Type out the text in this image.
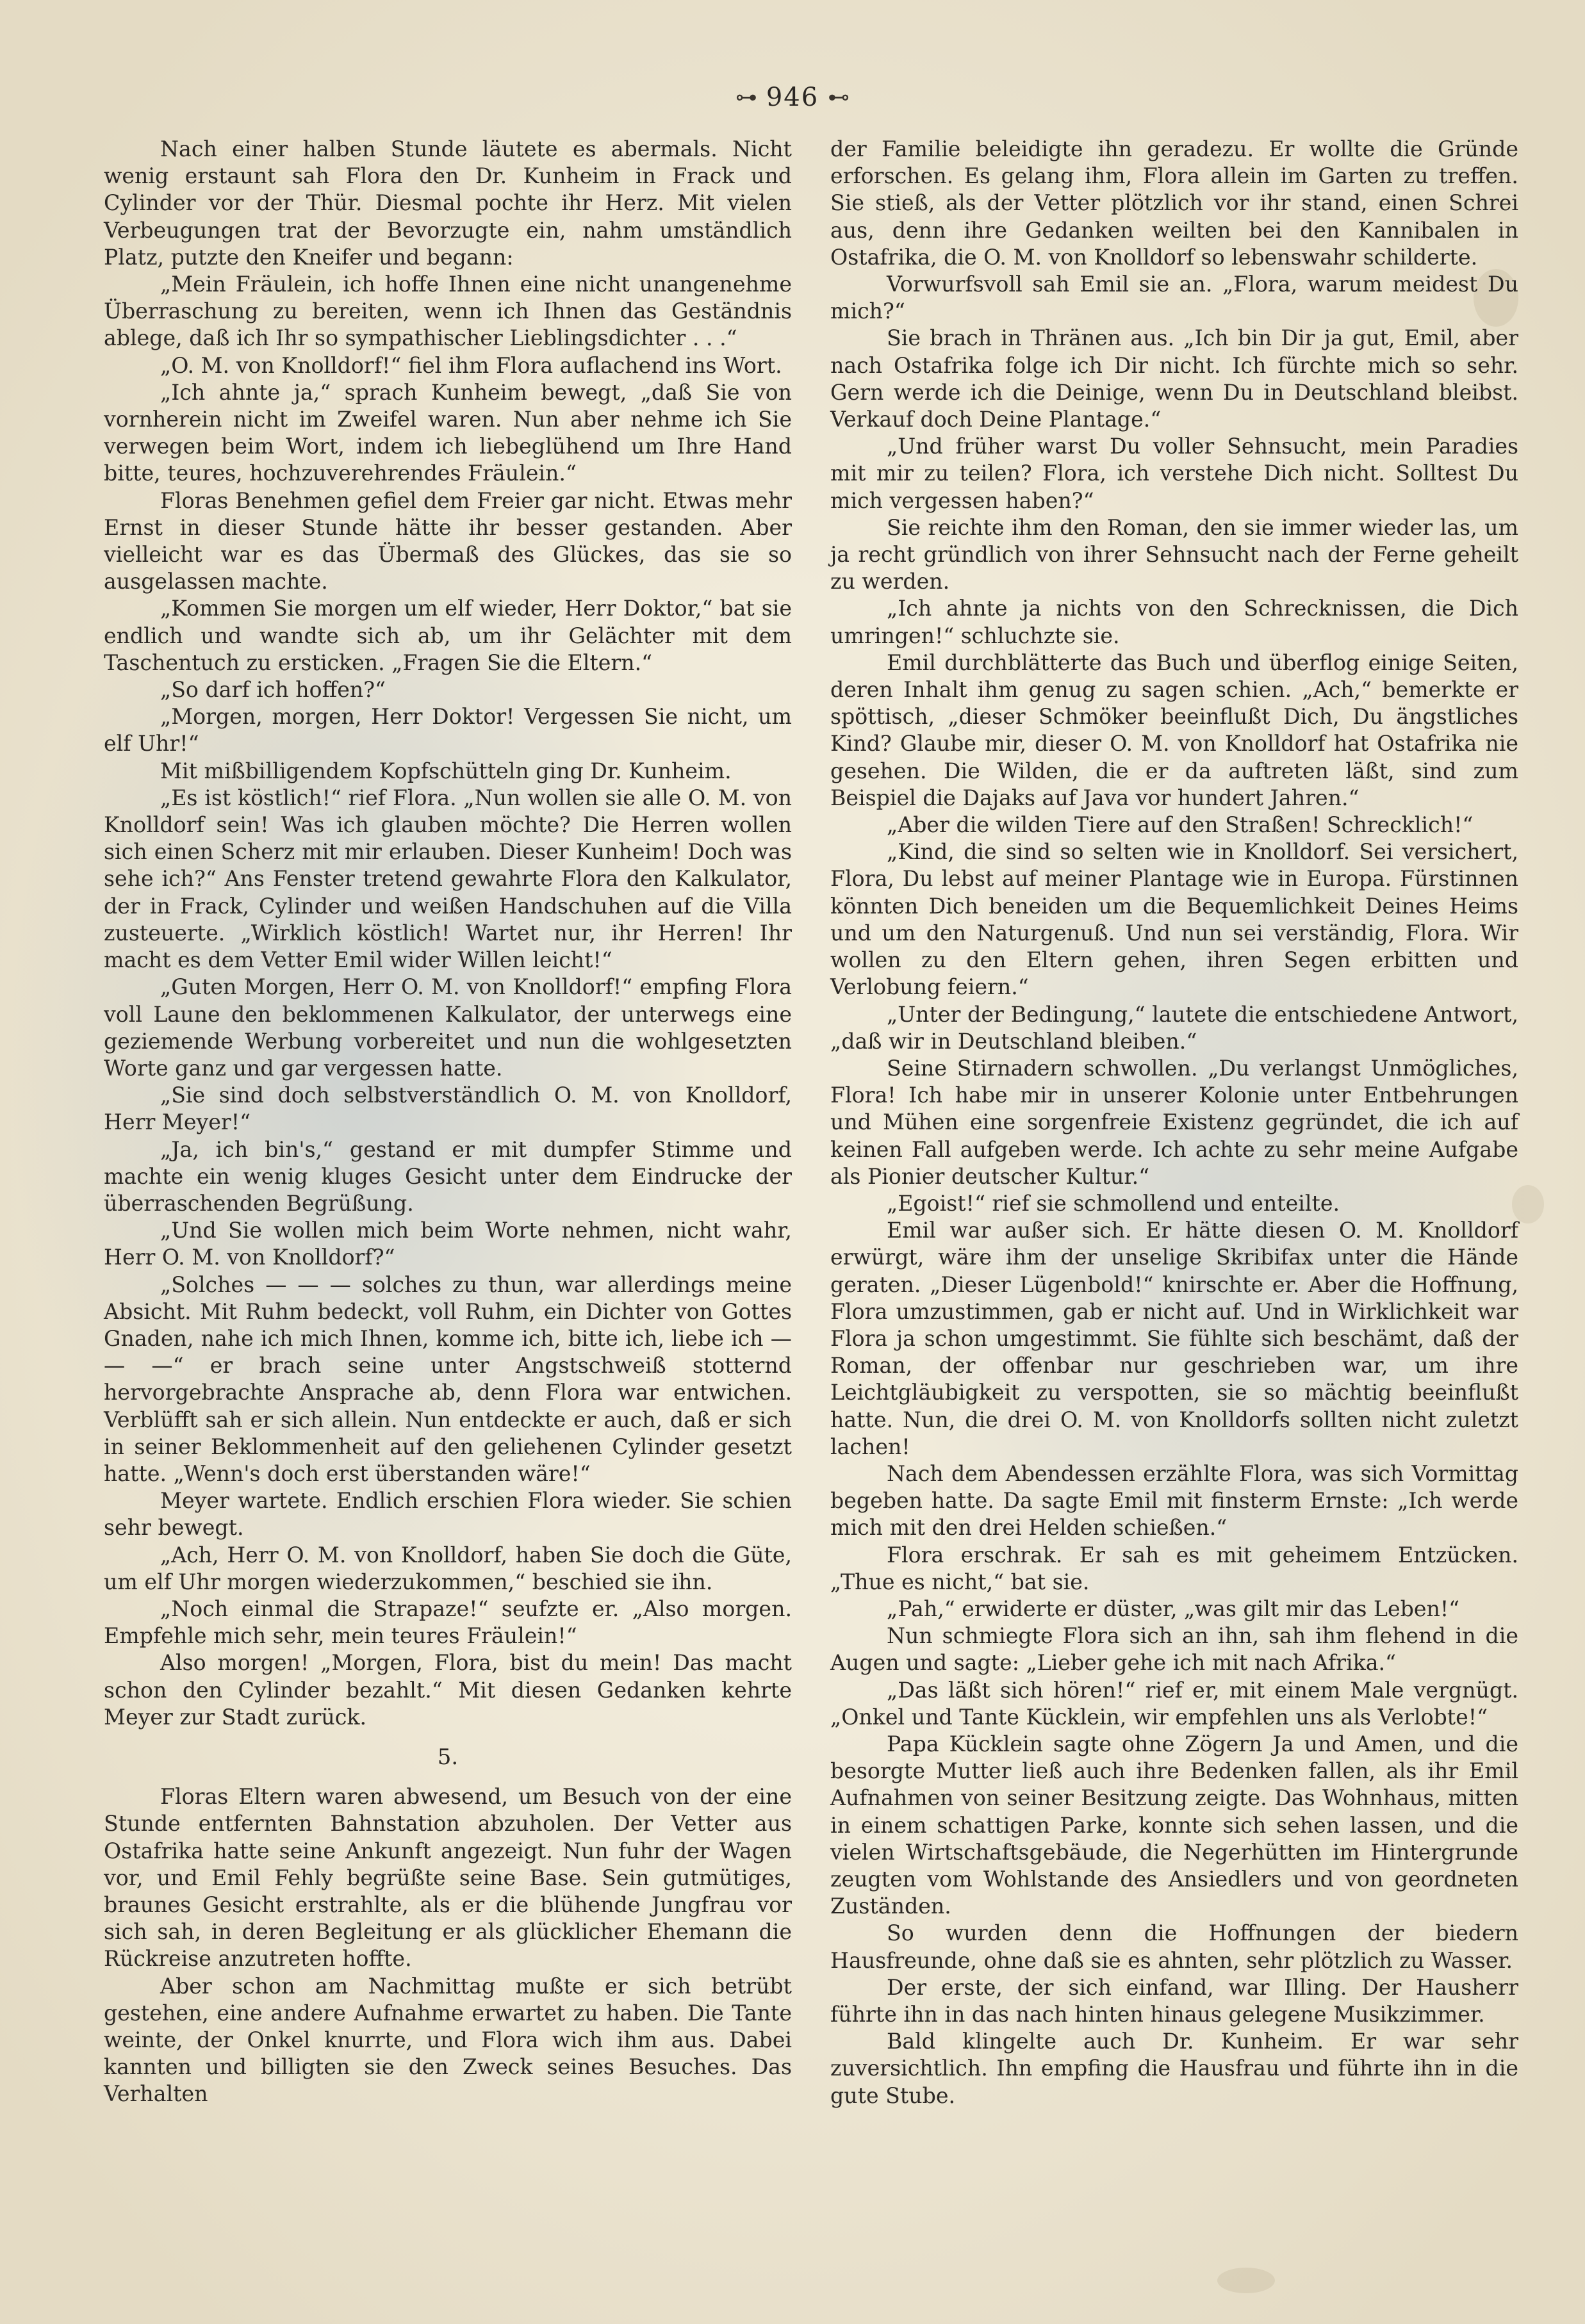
⊶ 946 ⊷

Nach einer halben Stunde läutete es abermals. Nicht wenig erstaunt sah Flora den Dr. Kunheim in Frack und Cylinder vor der Thür. Diesmal pochte ihr Herz. Mit vielen Verbeugungen trat der Bevorzugte ein, nahm umständlich Platz, putzte den Kneifer und begann:

„Mein Fräulein, ich hoffe Ihnen eine nicht unangenehme Überraschung zu bereiten, wenn ich Ihnen das Geständnis ablege, daß ich Ihr so sympathischer Lieblingsdichter . . .“

„O. M. von Knolldorf!“ fiel ihm Flora auflachend ins Wort.

„Ich ahnte ja,“ sprach Kunheim bewegt, „daß Sie von vornherein nicht im Zweifel waren. Nun aber nehme ich Sie verwegen beim Wort, indem ich liebeglühend um Ihre Hand bitte, teures, hochzuverehrendes Fräulein.“

Floras Benehmen gefiel dem Freier gar nicht. Etwas mehr Ernst in dieser Stunde hätte ihr besser gestanden. Aber vielleicht war es das Übermaß des Glückes, das sie so ausgelassen machte.

„Kommen Sie morgen um elf wieder, Herr Doktor,“ bat sie endlich und wandte sich ab, um ihr Gelächter mit dem Taschentuch zu ersticken. „Fragen Sie die Eltern.“

„So darf ich hoffen?“

„Morgen, morgen, Herr Doktor! Vergessen Sie nicht, um elf Uhr!“

Mit mißbilligendem Kopfschütteln ging Dr. Kunheim.

„Es ist köstlich!“ rief Flora. „Nun wollen sie alle O. M. von Knolldorf sein! Was ich glauben möchte? Die Herren wollen sich einen Scherz mit mir erlauben. Dieser Kunheim! Doch was sehe ich?“ Ans Fenster tretend gewahrte Flora den Kalkulator, der in Frack, Cylinder und weißen Handschuhen auf die Villa zusteuerte. „Wirklich köstlich! Wartet nur, ihr Herren! Ihr macht es dem Vetter Emil wider Willen leicht!“

„Guten Morgen, Herr O. M. von Knolldorf!“ empfing Flora voll Laune den beklommenen Kalkulator, der unterwegs eine geziemende Werbung vorbereitet und nun die wohlgesetzten Worte ganz und gar vergessen hatte.

„Sie sind doch selbstverständlich O. M. von Knolldorf, Herr Meyer!“

„Ja, ich bin's,“ gestand er mit dumpfer Stimme und machte ein wenig kluges Gesicht unter dem Eindrucke der überraschenden Begrüßung.

„Und Sie wollen mich beim Worte nehmen, nicht wahr, Herr O. M. von Knolldorf?“

„Solches — — — solches zu thun, war allerdings meine Absicht. Mit Ruhm bedeckt, voll Ruhm, ein Dichter von Gottes Gnaden, nahe ich mich Ihnen, komme ich, bitte ich, liebe ich — — —“ er brach seine unter Angstschweiß stotternd hervorgebrachte Ansprache ab, denn Flora war entwichen. Verblüfft sah er sich allein. Nun entdeckte er auch, daß er sich in seiner Beklommenheit auf den geliehenen Cylinder gesetzt hatte. „Wenn's doch erst überstanden wäre!“

Meyer wartete. Endlich erschien Flora wieder. Sie schien sehr bewegt.

„Ach, Herr O. M. von Knolldorf, haben Sie doch die Güte, um elf Uhr morgen wiederzukommen,“ beschied sie ihn.

„Noch einmal die Strapaze!“ seufzte er. „Also morgen. Empfehle mich sehr, mein teures Fräulein!“

Also morgen! „Morgen, Flora, bist du mein! Das macht schon den Cylinder bezahlt.“ Mit diesen Gedanken kehrte Meyer zur Stadt zurück.

5.

Floras Eltern waren abwesend, um Besuch von der eine Stunde entfernten Bahnstation abzuholen. Der Vetter aus Ostafrika hatte seine Ankunft angezeigt. Nun fuhr der Wagen vor, und Emil Fehly begrüßte seine Base. Sein gutmütiges, braunes Gesicht erstrahlte, als er die blühende Jungfrau vor sich sah, in deren Begleitung er als glücklicher Ehemann die Rückreise anzutreten hoffte.

Aber schon am Nachmittag mußte er sich betrübt gestehen, eine andere Aufnahme erwartet zu haben. Die Tante weinte, der Onkel knurrte, und Flora wich ihm aus. Dabei kannten und billigten sie den Zweck seines Besuches. Das Verhalten

der Familie beleidigte ihn geradezu. Er wollte die Gründe erforschen. Es gelang ihm, Flora allein im Garten zu treffen. Sie stieß, als der Vetter plötzlich vor ihr stand, einen Schrei aus, denn ihre Gedanken weilten bei den Kannibalen in Ostafrika, die O. M. von Knolldorf so lebenswahr schilderte.

Vorwurfsvoll sah Emil sie an. „Flora, warum meidest Du mich?“

Sie brach in Thränen aus. „Ich bin Dir ja gut, Emil, aber nach Ostafrika folge ich Dir nicht. Ich fürchte mich so sehr. Gern werde ich die Deinige, wenn Du in Deutschland bleibst. Verkauf doch Deine Plantage.“

„Und früher warst Du voller Sehnsucht, mein Paradies mit mir zu teilen? Flora, ich verstehe Dich nicht. Solltest Du mich vergessen haben?“

Sie reichte ihm den Roman, den sie immer wieder las, um ja recht gründlich von ihrer Sehnsucht nach der Ferne geheilt zu werden.

„Ich ahnte ja nichts von den Schrecknissen, die Dich umringen!“ schluchzte sie.

Emil durchblätterte das Buch und überflog einige Seiten, deren Inhalt ihm genug zu sagen schien. „Ach,“ bemerkte er spöttisch, „dieser Schmöker beeinflußt Dich, Du ängstliches Kind? Glaube mir, dieser O. M. von Knolldorf hat Ostafrika nie gesehen. Die Wilden, die er da auftreten läßt, sind zum Beispiel die Dajaks auf Java vor hundert Jahren.“

„Aber die wilden Tiere auf den Straßen! Schrecklich!“

„Kind, die sind so selten wie in Knolldorf. Sei versichert, Flora, Du lebst auf meiner Plantage wie in Europa. Fürstinnen könnten Dich beneiden um die Bequemlichkeit Deines Heims und um den Naturgenuß. Und nun sei verständig, Flora. Wir wollen zu den Eltern gehen, ihren Segen erbitten und Verlobung feiern.“

„Unter der Bedingung,“ lautete die entschiedene Antwort, „daß wir in Deutschland bleiben.“

Seine Stirnadern schwollen. „Du verlangst Unmögliches, Flora! Ich habe mir in unserer Kolonie unter Entbehrungen und Mühen eine sorgenfreie Existenz gegründet, die ich auf keinen Fall aufgeben werde. Ich achte zu sehr meine Aufgabe als Pionier deutscher Kultur.“

„Egoist!“ rief sie schmollend und enteilte.

Emil war außer sich. Er hätte diesen O. M. Knolldorf erwürgt, wäre ihm der unselige Skribifax unter die Hände geraten. „Dieser Lügenbold!“ knirschte er. Aber die Hoffnung, Flora umzustimmen, gab er nicht auf. Und in Wirklichkeit war Flora ja schon umgestimmt. Sie fühlte sich beschämt, daß der Roman, der offenbar nur geschrieben war, um ihre Leichtgläubigkeit zu verspotten, sie so mächtig beeinflußt hatte. Nun, die drei O. M. von Knolldorfs sollten nicht zuletzt lachen!

Nach dem Abendessen erzählte Flora, was sich Vormittag begeben hatte. Da sagte Emil mit finsterm Ernste: „Ich werde mich mit den drei Helden schießen.“

Flora erschrak. Er sah es mit geheimem Entzücken. „Thue es nicht,“ bat sie.

„Pah,“ erwiderte er düster, „was gilt mir das Leben!“

Nun schmiegte Flora sich an ihn, sah ihm flehend in die Augen und sagte: „Lieber gehe ich mit nach Afrika.“

„Das läßt sich hören!“ rief er, mit einem Male vergnügt. „Onkel und Tante Kücklein, wir empfehlen uns als Verlobte!“

Papa Kücklein sagte ohne Zögern Ja und Amen, und die besorgte Mutter ließ auch ihre Bedenken fallen, als ihr Emil Aufnahmen von seiner Besitzung zeigte. Das Wohnhaus, mitten in einem schattigen Parke, konnte sich sehen lassen, und die vielen Wirtschaftsgebäude, die Negerhütten im Hintergrunde zeugten vom Wohlstande des Ansiedlers und von geordneten Zuständen.

So wurden denn die Hoffnungen der biedern Hausfreunde, ohne daß sie es ahnten, sehr plötzlich zu Wasser.

Der erste, der sich einfand, war Illing. Der Hausherr führte ihn in das nach hinten hinaus gelegene Musikzimmer.

Bald klingelte auch Dr. Kunheim. Er war sehr zuversichtlich. Ihn empfing die Hausfrau und führte ihn in die gute Stube.
